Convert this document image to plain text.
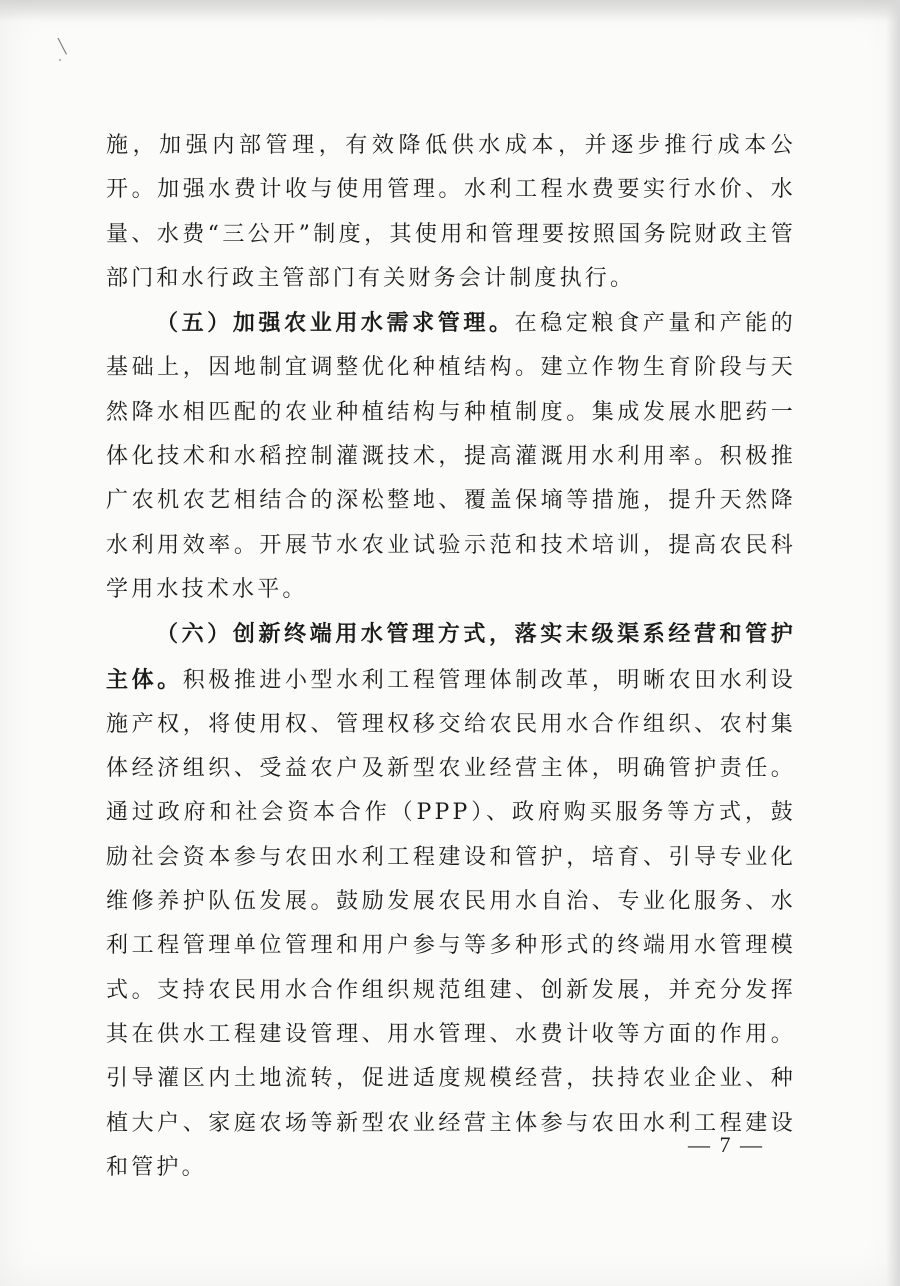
╲
ᐧ

施，加强内部管理，有效降低供水成本，并逐步推行成本公开。加强水费计收与使用管理。水利工程水费要实行水价、水量、水费“三公开”制度，其使用和管理要按照国务院财政主管部门和水行政主管部门有关财务会计制度执行。

（五）加强农业用水需求管理。在稳定粮食产量和产能的基础上，因地制宜调整优化种植结构。建立作物生育阶段与天然降水相匹配的农业种植结构与种植制度。集成发展水肥药一体化技术和水稻控制灌溉技术，提高灌溉用水利用率。积极推广农机农艺相结合的深松整地、覆盖保墒等措施，提升天然降水利用效率。开展节水农业试验示范和技术培训，提高农民科学用水技术水平。

（六）创新终端用水管理方式，落实末级渠系经营和管护主体。积极推进小型水利工程管理体制改革，明晰农田水利设施产权，将使用权、管理权移交给农民用水合作组织、农村集体经济组织、受益农户及新型农业经营主体，明确管护责任。通过政府和社会资本合作（PPP）、政府购买服务等方式，鼓励社会资本参与农田水利工程建设和管护，培育、引导专业化维修养护队伍发展。鼓励发展农民用水自治、专业化服务、水利工程管理单位管理和用户参与等多种形式的终端用水管理模式。支持农民用水合作组织规范组建、创新发展，并充分发挥其在供水工程建设管理、用水管理、水费计收等方面的作用。引导灌区内土地流转，促进适度规模经营，扶持农业企业、种植大户、家庭农场等新型农业经营主体参与农田水利工程建设和管护。

— 7 —
